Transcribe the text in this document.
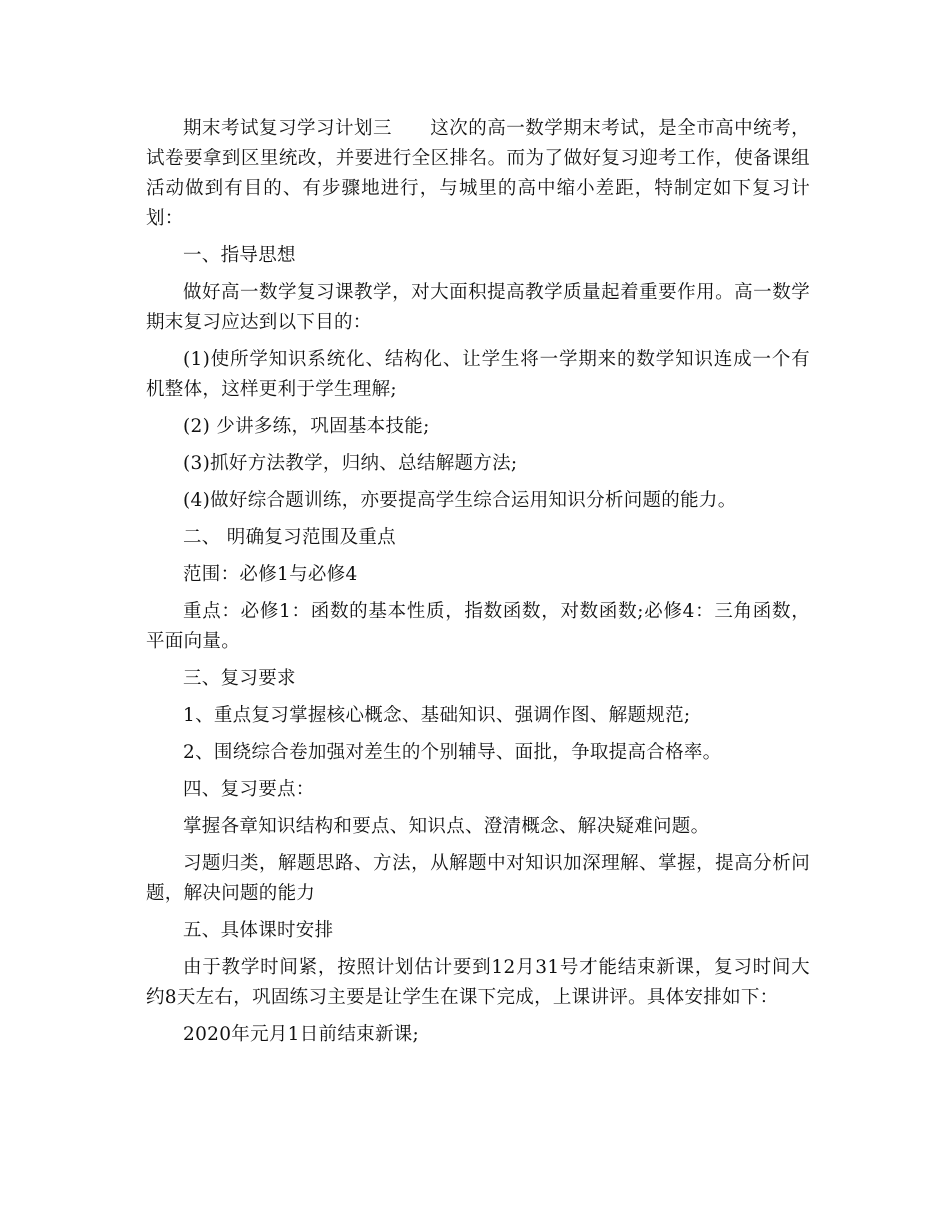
期末考试复习学习计划三 这次的高一数学期末考试，是全市高中统考，试卷要拿到区里统改，并要进行全区排名。而为了做好复习迎考工作，使备课组活动做到有目的、有步骤地进行，与城里的高中缩小差距，特制定如下复习计划：

一、指导思想

做好高一数学复习课教学，对大面积提高教学质量起着重要作用。高一数学期末复习应达到以下目的：

(1)使所学知识系统化、结构化、让学生将一学期来的数学知识连成一个有机整体，这样更利于学生理解;

(2) 少讲多练，巩固基本技能;

(3)抓好方法教学，归纳、总结解题方法;

(4)做好综合题训练，亦要提高学生综合运用知识分析问题的能力。

二、 明确复习范围及重点

范围：必修1与必修4

重点：必修1：函数的基本性质，指数函数，对数函数;必修4：三角函数，平面向量。

三、复习要求

1、重点复习掌握核心概念、基础知识、强调作图、解题规范;

2、围绕综合卷加强对差生的个别辅导、面批，争取提高合格率。

四、复习要点：

掌握各章知识结构和要点、知识点、澄清概念、解决疑难问题。

习题归类，解题思路、方法，从解题中对知识加深理解、掌握，提高分析问题，解决问题的能力

五、具体课时安排

由于教学时间紧，按照计划估计要到12月31号才能结束新课，复习时间大约8天左右，巩固练习主要是让学生在课下完成，上课讲评。具体安排如下：

2020年元月1日前结束新课;
